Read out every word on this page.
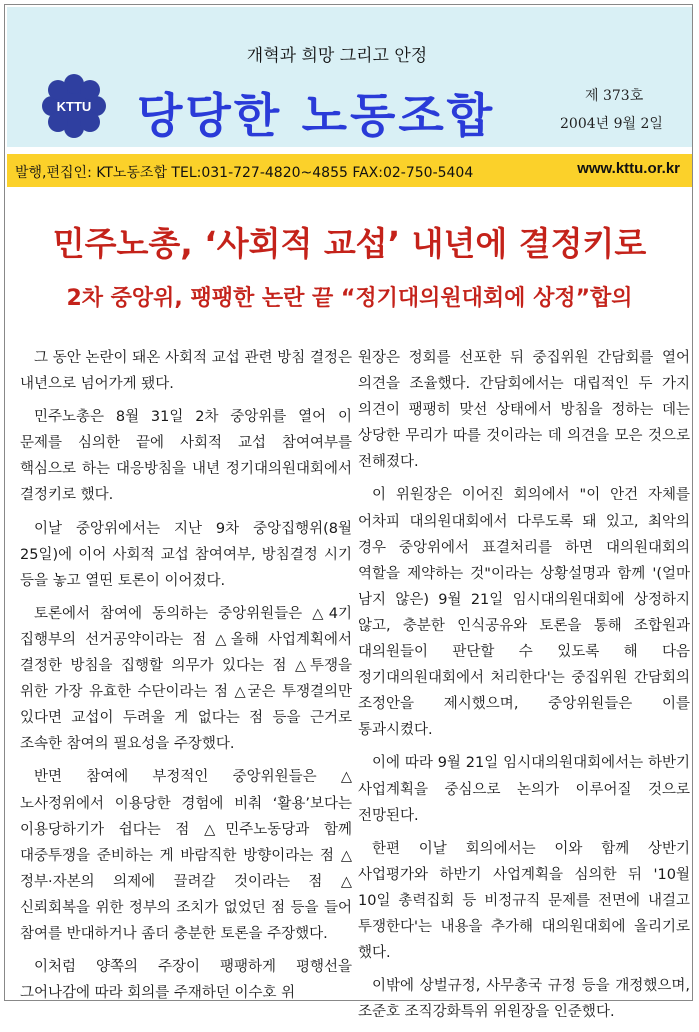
개혁과 희망 그리고 안정
KTTU 당당한 노동조합	제 373호
2004년 9월 2일
발행,편집인: KT노동조합 TEL:031-727-4820~4855 FAX:02-750-5404	www.kttu.or.kr
민주노총, ‘사회적 교섭’ 내년에 결정키로
2차 중앙위, 팽팽한 논란 끝 “정기대의원대회에 상정”합의

그 동안 논란이 돼온 사회적 교섭 관련 방침 결정은 내년으로 넘어가게 됐다.

민주노총은 8월 31일 2차 중앙위를 열어 이 문제를 심의한 끝에 사회적 교섭 참여여부를 핵심으로 하는 대응방침을 내년 정기대의원대회에서 결정키로 했다.

이날 중앙위에서는 지난 9차 중앙집행위(8월 25일)에 이어 사회적 교섭 참여여부, 방침결정 시기 등을 놓고 열띤 토론이 이어졌다.

토론에서 참여에 동의하는 중앙위원들은 △4기 집행부의 선거공약이라는 점 △올해 사업계획에서 결정한 방침을 집행할 의무가 있다는 점 △투쟁을 위한 가장 유효한 수단이라는 점 △굳은 투쟁결의만 있다면 교섭이 두려울 게 없다는 점 등을 근거로 조속한 참여의 필요성을 주장했다.

반면 참여에 부정적인 중앙위원들은 △노사정위에서 이용당한 경험에 비춰 ‘활용’보다는 이용당하기가 쉽다는 점 △민주노동당과 함께 대중투쟁을 준비하는 게 바람직한 방향이라는 점 △정부·자본의 의제에 끌려갈 것이라는 점 △신뢰회복을 위한 정부의 조치가 없었던 점 등을 들어 참여를 반대하거나 좀더 충분한 토론을 주장했다.

이처럼 양쪽의 주장이 팽팽하게 평행선을 그어나감에 따라 회의를 주재하던 이수호 위

원장은 정회를 선포한 뒤 중집위원 간담회를 열어 의견을 조율했다. 간담회에서는 대립적인 두 가지 의견이 팽팽히 맞선 상태에서 방침을 정하는 데는 상당한 무리가 따를 것이라는 데 의견을 모은 것으로 전해졌다.

이 위원장은 이어진 회의에서 "이 안건 자체를 어차피 대의원대회에서 다루도록 돼 있고, 최악의 경우 중앙위에서 표결처리를 하면 대의원대회의 역할을 제약하는 것"이라는 상황설명과 함께 '(얼마 남지 않은) 9월 21일 임시대의원대회에 상정하지 않고, 충분한 인식공유와 토론을 통해 조합원과 대의원들이 판단할 수 있도록 해 다음 정기대의원대회에서 처리한다'는 중집위원 간담회의 조정안을 제시했으며, 중앙위원들은 이를 통과시켰다.

이에 따라 9월 21일 임시대의원대회에서는 하반기 사업계획을 중심으로 논의가 이루어질 것으로 전망된다.

한편 이날 회의에서는 이와 함께 상반기 사업평가와 하반기 사업계획을 심의한 뒤 '10월 10일 총력집회 등 비정규직 문제를 전면에 내걸고 투쟁한다'는 내용을 추가해 대의원대회에 올리기로 했다.

이밖에 상벌규정, 사무총국 규정 등을 개정했으며, 조준호 조직강화특위 위원장을 인준했다.
